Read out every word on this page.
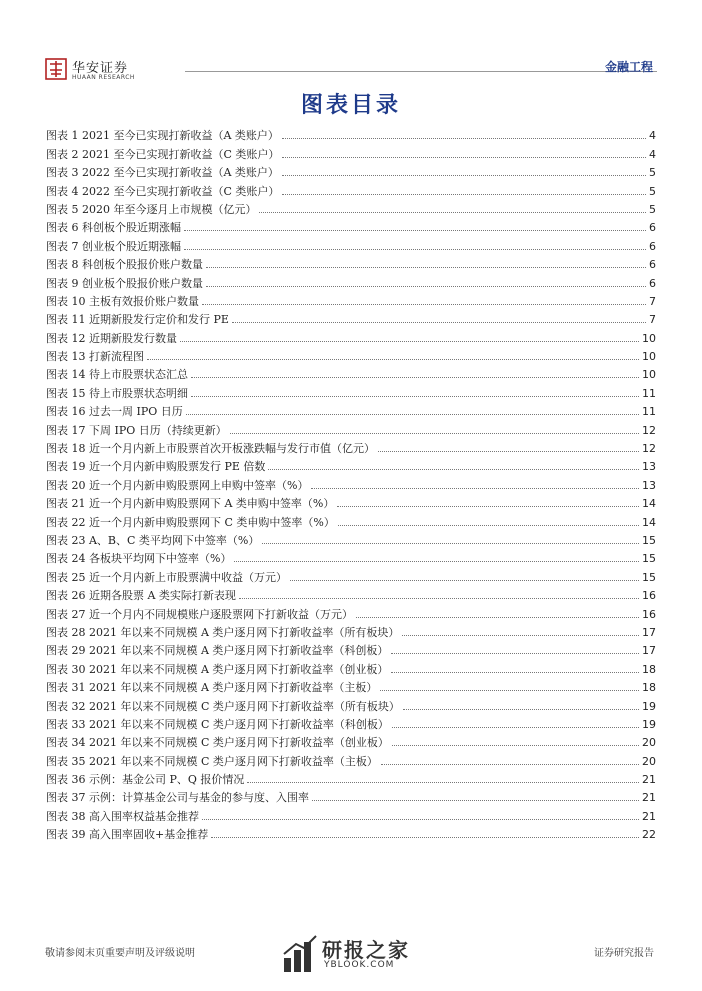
华安证券
HUAAN RESEARCH
金融工程
图表目录
图表 1 2021 至今已实现打新收益（A 类账户）	4
图表 2 2021 至今已实现打新收益（C 类账户）	4
图表 3 2022 至今已实现打新收益（A 类账户）	5
图表 4 2022 至今已实现打新收益（C 类账户）	5
图表 5 2020 年至今逐月上市规模（亿元）	5
图表 6 科创板个股近期涨幅	6
图表 7 创业板个股近期涨幅	6
图表 8 科创板个股报价账户数量	6
图表 9 创业板个股报价账户数量	6
图表 10 主板有效报价账户数量	7
图表 11 近期新股发行定价和发行 PE	7
图表 12 近期新股发行数量	10
图表 13 打新流程图	10
图表 14 待上市股票状态汇总	10
图表 15 待上市股票状态明细	11
图表 16 过去一周 IPO 日历	11
图表 17 下周 IPO 日历（持续更新）	12
图表 18 近一个月内新上市股票首次开板涨跌幅与发行市值（亿元）	12
图表 19 近一个月内新申购股票发行 PE 倍数	13
图表 20 近一个月内新申购股票网上申购中签率（%）	13
图表 21 近一个月内新申购股票网下 A 类申购中签率（%）	14
图表 22 近一个月内新申购股票网下 C 类申购中签率（%）	14
图表 23 A、B、C 类平均网下中签率（%）	15
图表 24 各板块平均网下中签率（%）	15
图表 25 近一个月内新上市股票满中收益（万元）	15
图表 26 近期各股票 A 类实际打新表现	16
图表 27 近一个月内不同规模账户逐股票网下打新收益（万元）	16
图表 28 2021 年以来不同规模 A 类户逐月网下打新收益率（所有板块）	17
图表 29 2021 年以来不同规模 A 类户逐月网下打新收益率（科创板）	17
图表 30 2021 年以来不同规模 A 类户逐月网下打新收益率（创业板）	18
图表 31 2021 年以来不同规模 A 类户逐月网下打新收益率（主板）	18
图表 32 2021 年以来不同规模 C 类户逐月网下打新收益率（所有板块）	19
图表 33 2021 年以来不同规模 C 类户逐月网下打新收益率（科创板）	19
图表 34 2021 年以来不同规模 C 类户逐月网下打新收益率（创业板）	20
图表 35 2021 年以来不同规模 C 类户逐月网下打新收益率（主板）	20
图表 36 示例：基金公司 P、Q 报价情况	21
图表 37 示例：计算基金公司与基金的参与度、入围率	21
图表 38 高入围率权益基金推荐	21
图表 39 高入围率固收+基金推荐	22
敬请参阅末页重要声明及评级说明	研报之家
YBLOOK.COM
证券研究报告
